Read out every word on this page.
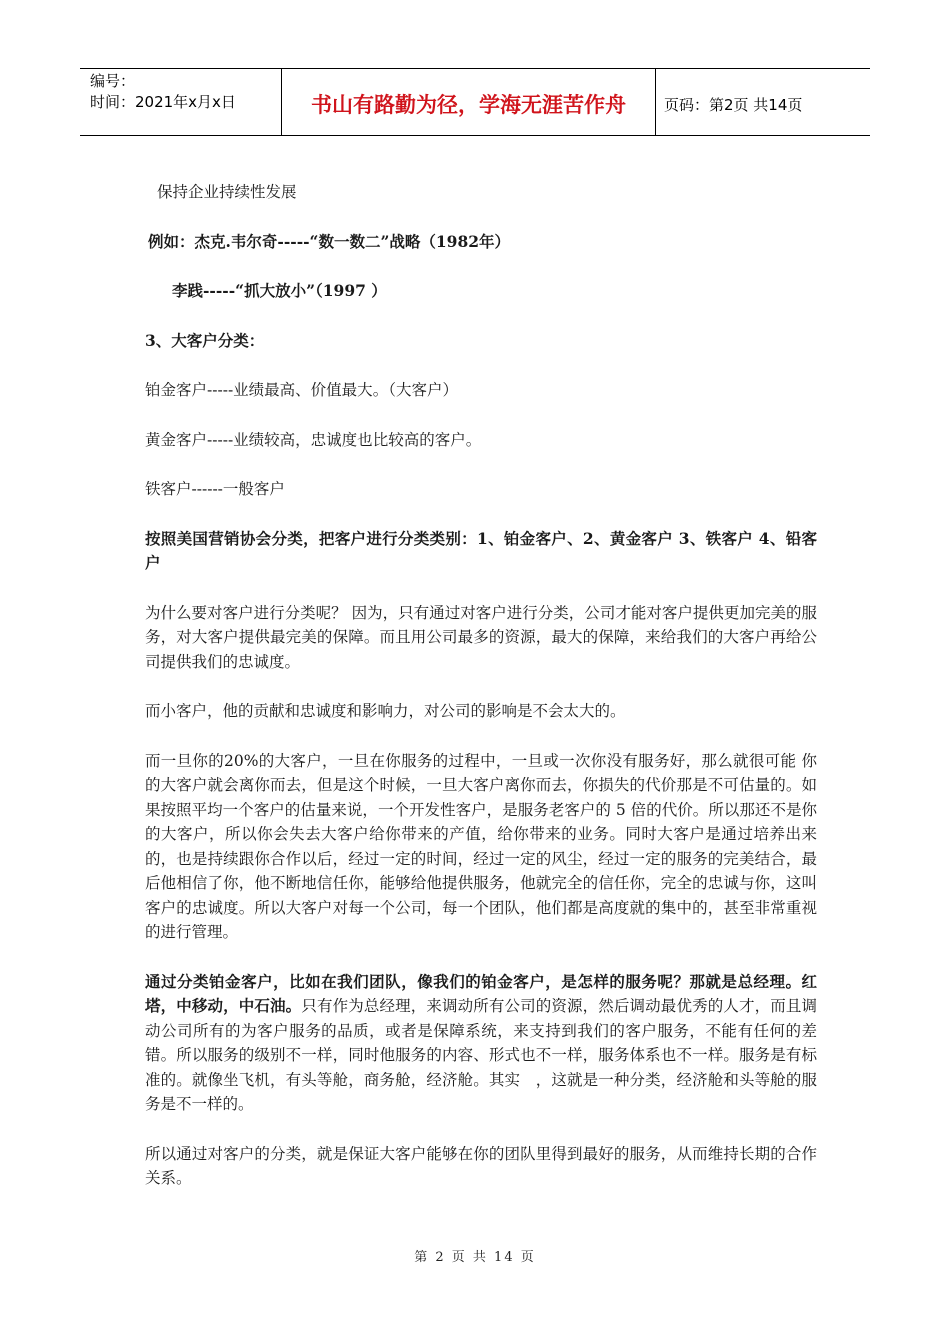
编号：
时间：2021年x月x日	书山有路勤为径，学海无涯苦作舟	页码：第2页 共14页

保持企业持续性发展

例如：杰克.韦尔奇-----“数一数二”战略（1982年）

李践-----“抓大放小”（1997 ）

3、大客户分类：

铂金客户-----业绩最高、价值最大。（大客户）

黄金客户-----业绩较高，忠诚度也比较高的客户。

铁客户------一般客户

按照美国营销协会分类，把客户进行分类类别：1、铂金客户、2、黄金客户 3、铁客户 4、铅客户

为什么要对客户进行分类呢？ 因为，只有通过对客户进行分类，公司才能对客户提供更加完美的服务，对大客户提供最完美的保障。而且用公司最多的资源，最大的保障，来给我们的大客户再给公司提供我们的忠诚度。

而小客户，他的贡献和忠诚度和影响力，对公司的影响是不会太大的。

而一旦你的20%的大客户，一旦在你服务的过程中，一旦或一次你没有服务好，那么就很可能 你的大客户就会离你而去，但是这个时候，一旦大客户离你而去，你损失的代价那是不可估量的。如果按照平均一个客户的估量来说，一个开发性客户，是服务老客户的 5 倍的代价。所以那还不是你的大客户，所以你会失去大客户给你带来的产值，给你带来的业务。同时大客户是通过培养出来的，也是持续跟你合作以后，经过一定的时间，经过一定的风尘，经过一定的服务的完美结合，最后他相信了你，他不断地信任你，能够给他提供服务，他就完全的信任你，完全的忠诚与你，这叫客户的忠诚度。所以大客户对每一个公司，每一个团队，他们都是高度就的集中的，甚至非常重视的进行管理。

通过分类铂金客户，比如在我们团队，像我们的铂金客户，是怎样的服务呢？那就是总经理。红塔，中移动，中石油。只有作为总经理，来调动所有公司的资源，然后调动最优秀的人才，而且调动公司所有的为客户服务的品质，或者是保障系统，来支持到我们的客户服务，不能有任何的差错。所以服务的级别不一样，同时他服务的内容、形式也不一样，服务体系也不一样。服务是有标准的。就像坐飞机，有头等舱，商务舱，经济舱。其实　，这就是一种分类，经济舱和头等舱的服务是不一样的。

所以通过对客户的分类，就是保证大客户能够在你的团队里得到最好的服务，从而维持长期的合作关系。

第 2 页 共 14 页
